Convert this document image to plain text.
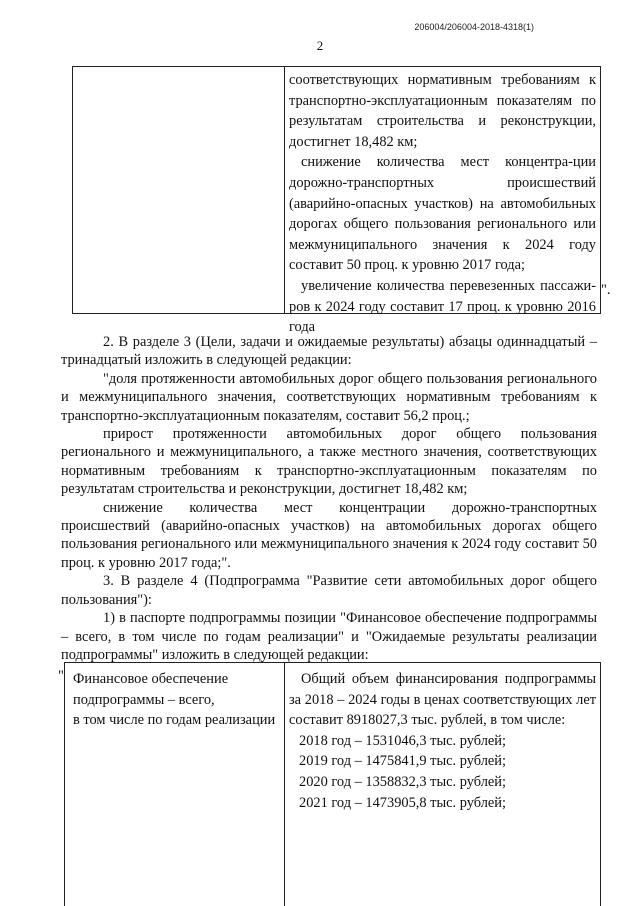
206004/206004-2018-4318(1)
2

соответствующих нормативным требованиям к транспортно-эксплуатационным показателям по результатам строительства и реконструкции, достигнет 18,482 км;

снижение количества мест концентра-ции дорожно-транспортных происшествий (аварийно-опасных участков) на автомобильных дорогах общего пользования регионального или межмуниципального значения к 2024 году составит 50 проц. к уровню 2017 года;

увеличение количества перевезенных пассажи-ров к 2024 году составит 17 проц. к уровню 2016 года

".

2. В разделе 3 (Цели, задачи и ожидаемые результаты) абзацы одиннадцатый – тринадцатый изложить в следующей редакции:

"доля протяженности автомобильных дорог общего пользования регионального и межмуниципального значения, соответствующих нормативным требованиям к транспортно-эксплуатационным показателям, составит 56,2 проц.;

прирост протяженности автомобильных дорог общего пользования регионального и межмуниципального, а также местного значения, соответствующих нормативным требованиям к транспортно-эксплуатационным показателям по результатам строительства и реконструкции, достигнет 18,482 км;

снижение количества мест концентрации дорожно-транспортных происшествий (аварийно-опасных участков) на автомобильных дорогах общего пользования регионального или межмуниципального значения к 2024 году составит 50 проц. к уровню 2017 года;".

3. В разделе 4 (Подпрограмма "Развитие сети автомобильных дорог общего пользования"):

1) в паспорте подпрограммы позиции "Финансовое обеспечение подпрограммы – всего, в том числе по годам реализации" и "Ожидаемые результаты реализации подпрограммы" изложить в следующей редакции:

" Финансовое обеспечение
подпрограммы – всего,
в том числе по годам реализации

Общий объем финансирования подпрограммы за 2018 – 2024 годы в ценах соответствующих лет составит 8918027,3 тыс. рублей, в том числе:

2018 год – 1531046,3 тыс. рублей;
2019 год – 1475841,9 тыс. рублей;
2020 год – 1358832,3 тыс. рублей;
2021 год – 1473905,8 тыс. рублей;
